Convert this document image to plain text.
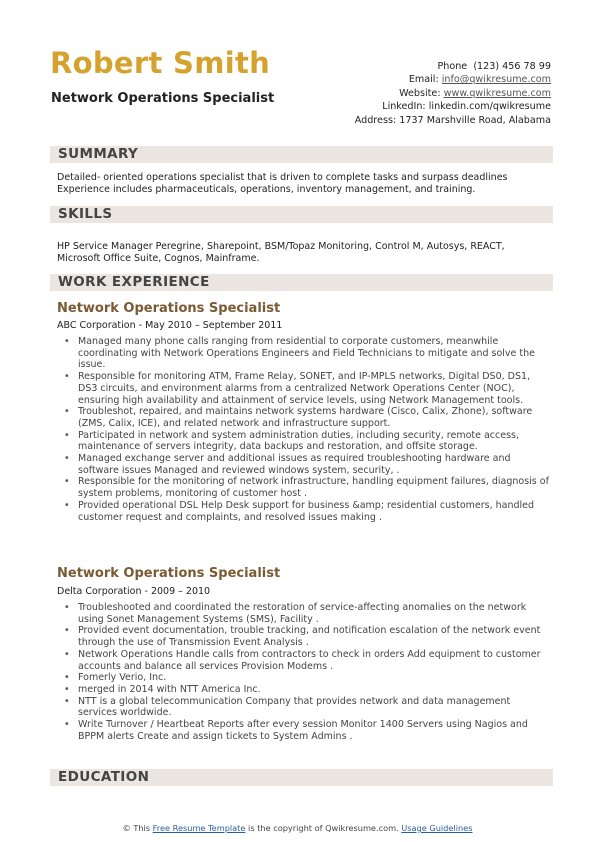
Robert Smith
Network Operations Specialist
Phone (123) 456 78 99
Email: info@qwikresume.com
Website: www.qwikresume.com
LinkedIn: linkedin.com/qwikresume
Address: 1737 Marshville Road, Alabama
SUMMARY
Detailed- oriented operations specialist that is driven to complete tasks and surpass deadlines Experience includes pharmaceuticals, operations, inventory management, and training.
SKILLS
HP Service Manager Peregrine, Sharepoint, BSM/Topaz Monitoring, Control M, Autosys, REACT, Microsoft Office Suite, Cognos, Mainframe.
WORK EXPERIENCE
Network Operations Specialist
ABC Corporation - May 2010 – September 2011
• Managed many phone calls ranging from residential to corporate customers, meanwhile coordinating with Network Operations Engineers and Field Technicians to mitigate and solve the issue.
• Responsible for monitoring ATM, Frame Relay, SONET, and IP-MPLS networks, Digital DS0, DS1, DS3 circuits, and environment alarms from a centralized Network Operations Center (NOC), ensuring high availability and attainment of service levels, using Network Management tools.
• Troubleshot, repaired, and maintains network systems hardware (Cisco, Calix, Zhone), software (ZMS, Calix, ICE), and related network and infrastructure support.
• Participated in network and system administration duties, including security, remote access, maintenance of servers integrity, data backups and restoration, and offsite storage.
• Managed exchange server and additional issues as required troubleshooting hardware and software issues Managed and reviewed windows system, security, .
• Responsible for the monitoring of network infrastructure, handling equipment failures, diagnosis of system problems, monitoring of customer host .
• Provided operational DSL Help Desk support for business &amp; residential customers, handled customer request and complaints, and resolved issues making .
Network Operations Specialist
Delta Corporation - 2009 – 2010
• Troubleshooted and coordinated the restoration of service-affecting anomalies on the network using Sonet Management Systems (SMS), Facility .
• Provided event documentation, trouble tracking, and notification escalation of the network event through the use of Transmission Event Analysis .
• Network Operations Handle calls from contractors to check in orders Add equipment to customer accounts and balance all services Provision Modems .
• Fomerly Verio, Inc.
• merged in 2014 with NTT America Inc.
• NTT is a global telecommunication Company that provides network and data management services worldwide.
• Write Turnover / Heartbeat Reports after every session Monitor 1400 Servers using Nagios and BPPM alerts Create and assign tickets to System Admins .
EDUCATION
© This Free Resume Template is the copyright of Qwikresume.com. Usage Guidelines
